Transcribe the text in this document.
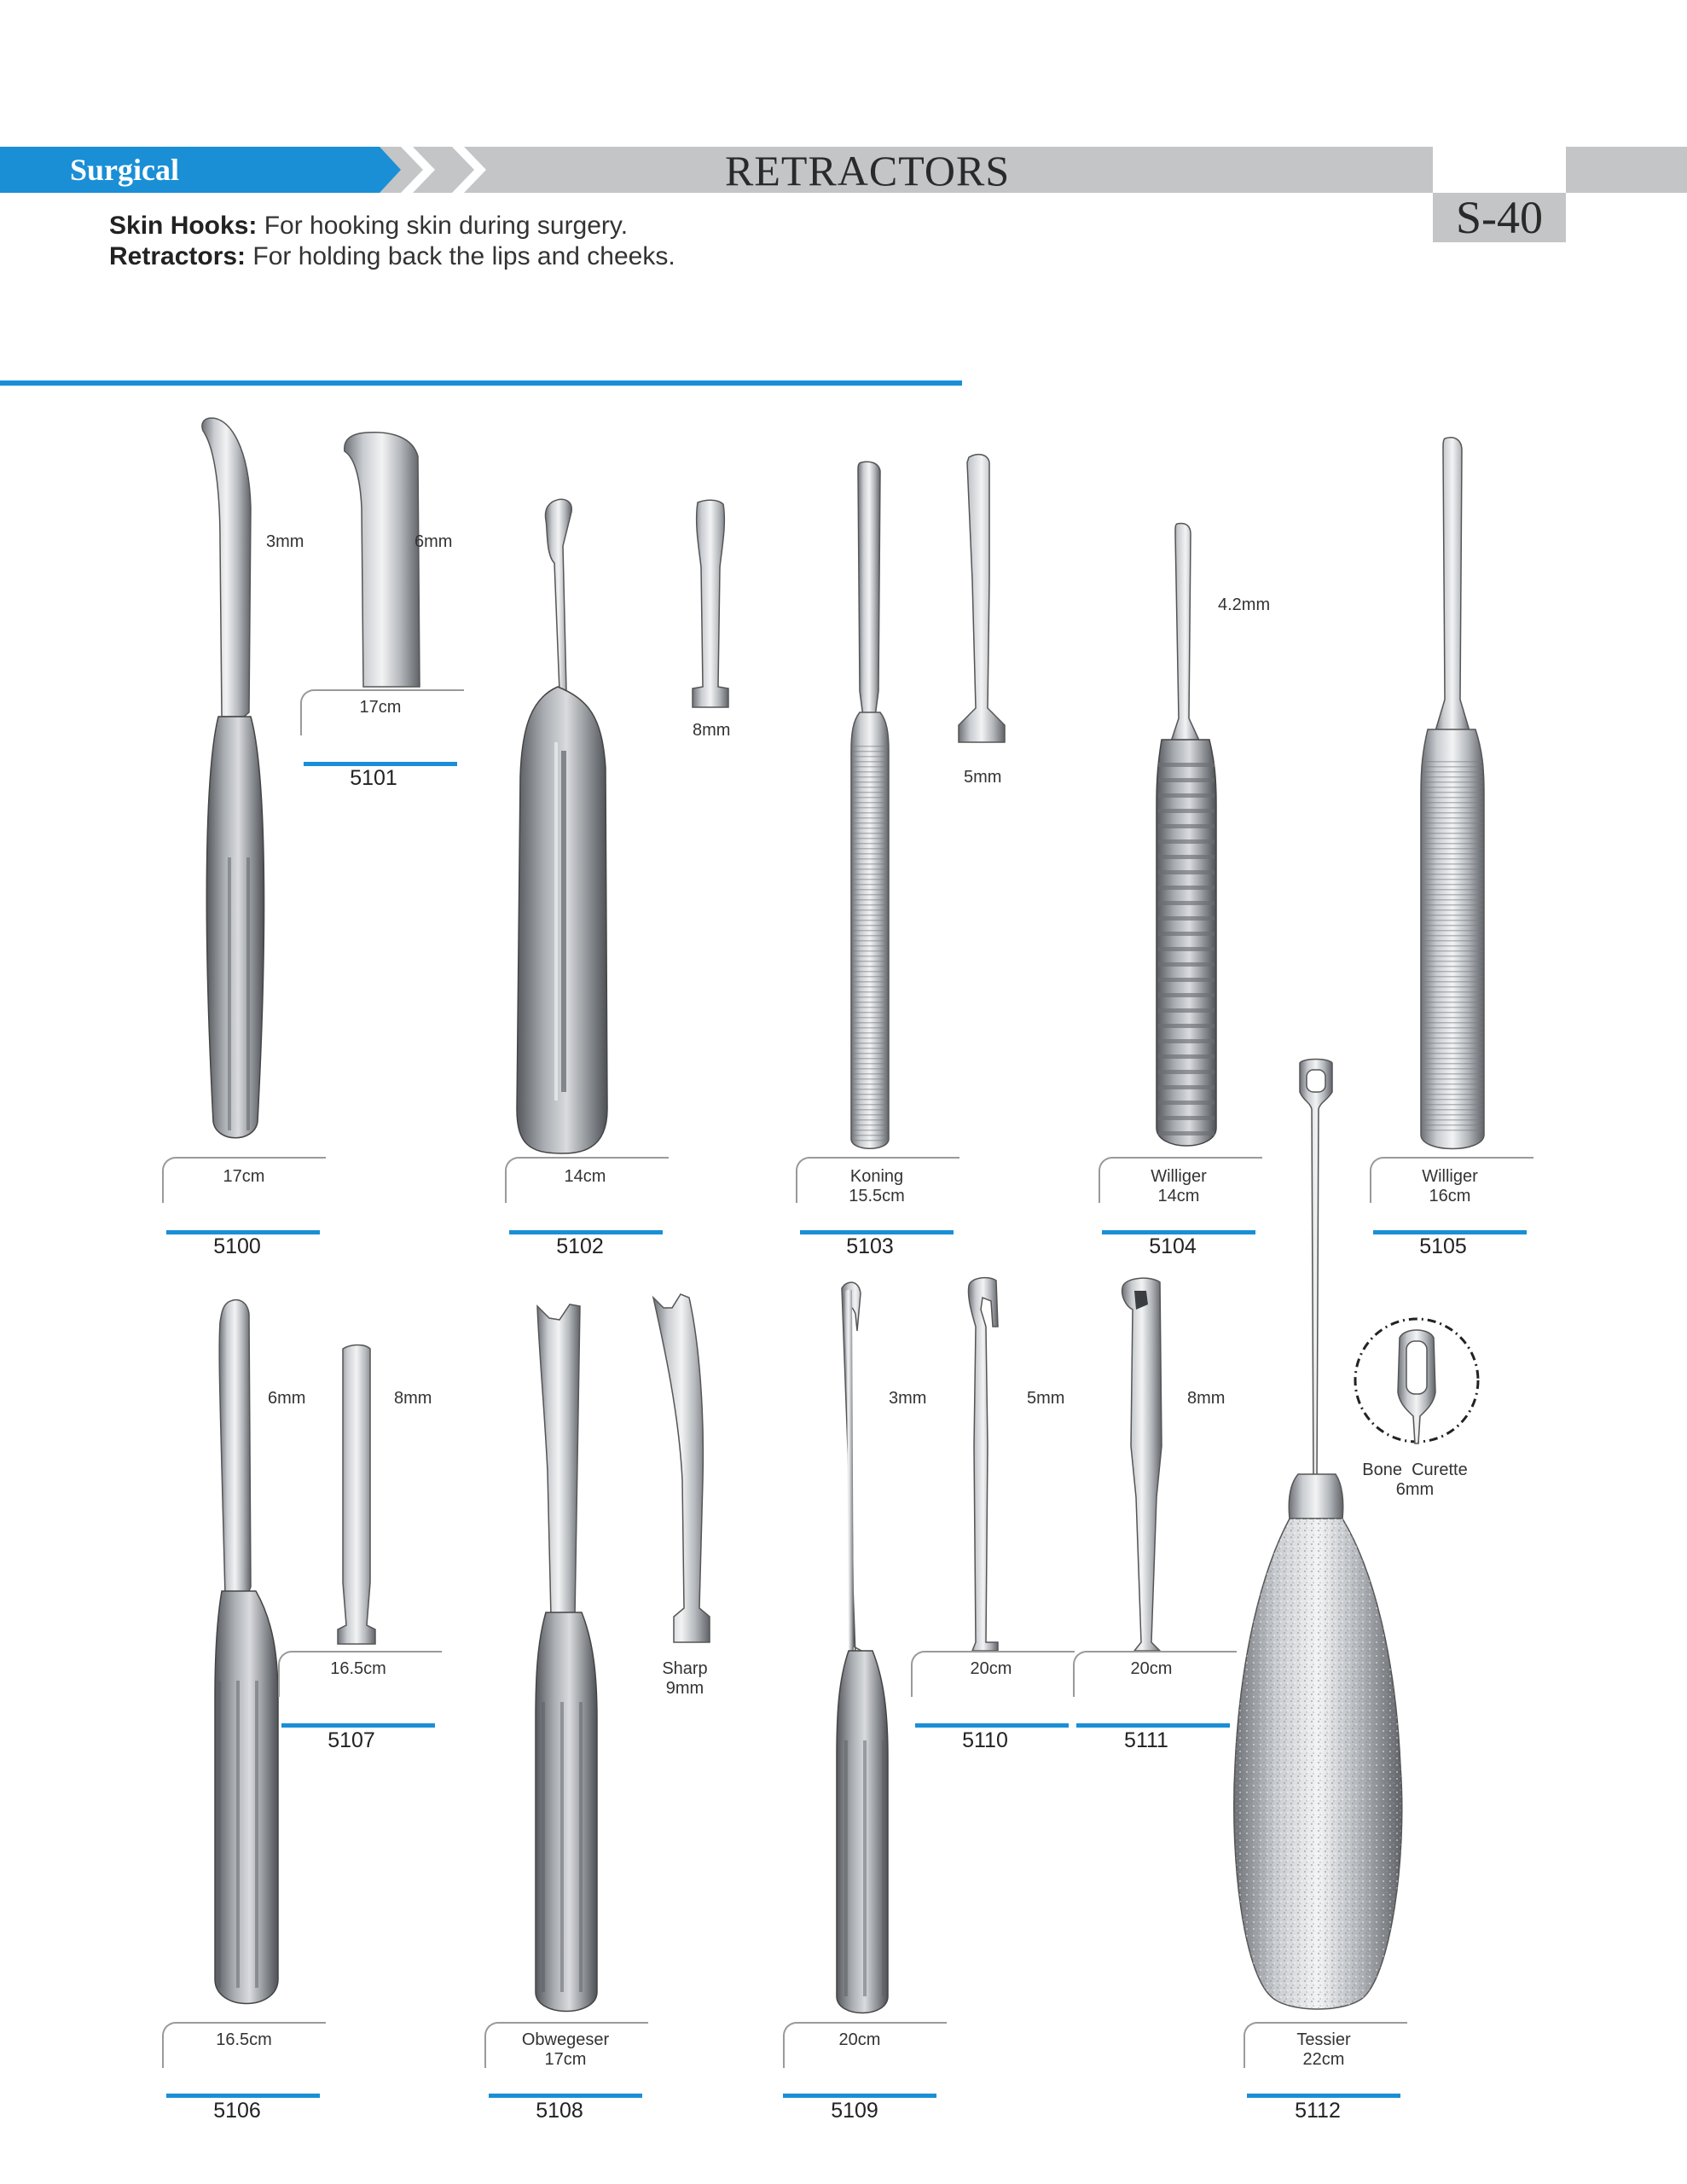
Surgical	RETRACTORS
S-40
Skin Hooks: For hooking skin during surgery.
Retractors: For holding back the lips and cheeks.
3mm
17cm
5100
6mm
17cm
5101
8mm
14cm
5102
5mm
Koning
15.5cm
5103
4.2mm
Williger
14cm
5104
Williger
16cm
5105
6mm
16.5cm
5106
8mm
16.5cm
5107
Sharp
9mm
Obwegeser
17cm
5108
3mm
20cm
5109
5mm
20cm
5110
8mm
20cm
5111
Bone  Curette
6mm
Tessier
22cm
5112
